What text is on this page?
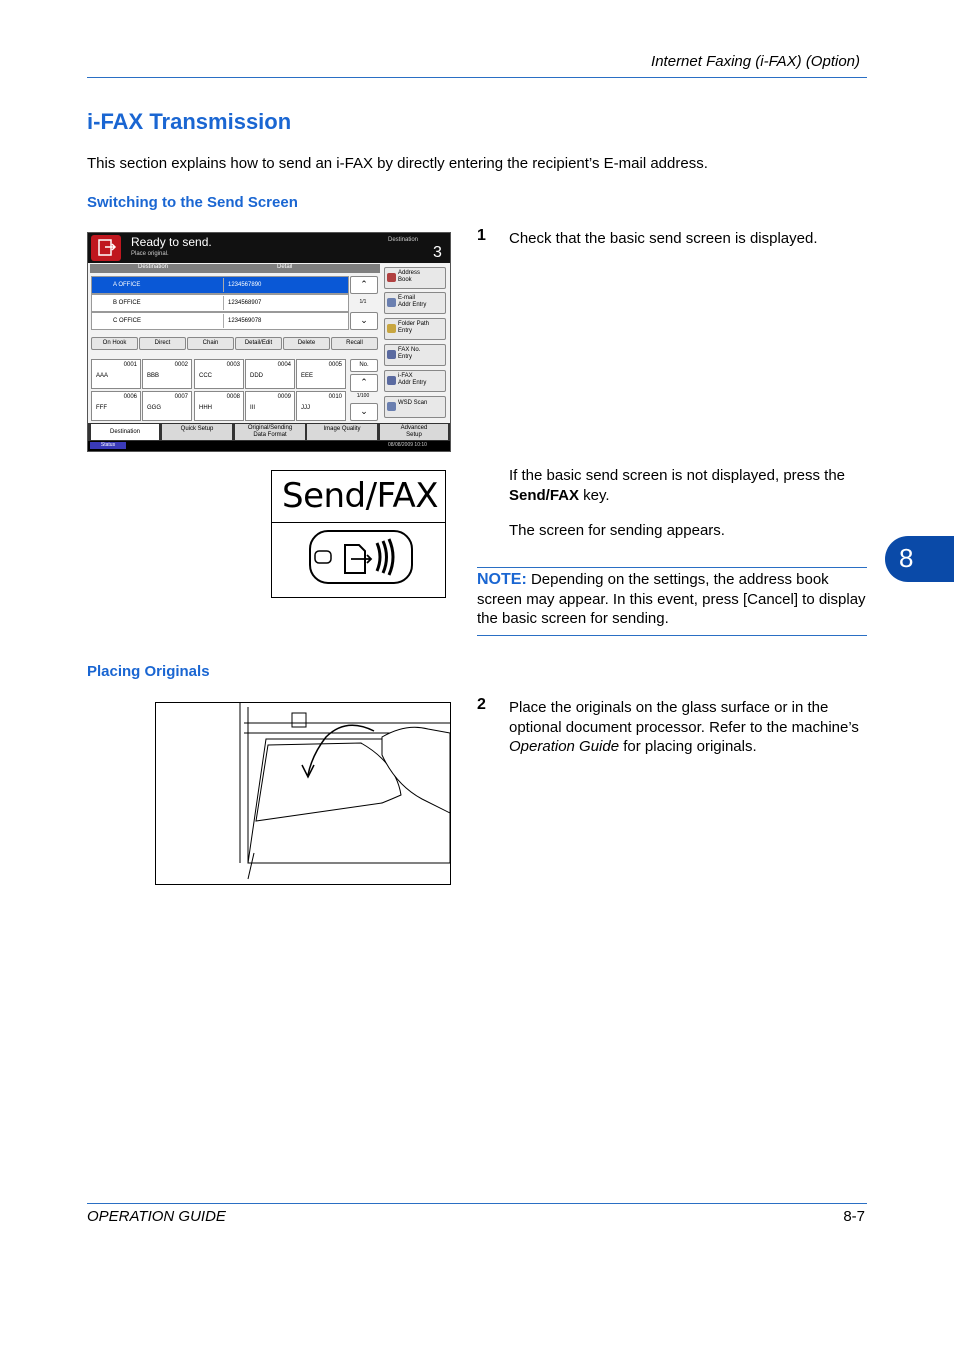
Internet Faxing (i-FAX) (Option)
i-FAX Transmission
This section explains how to send an i-FAX by directly entering the recipient’s E-mail address.
Switching to the Send Screen
Ready to send.
Place original.
Destination
3
Destination	Detail
A OFFICE	1234567890
B OFFICE	1234568907
C OFFICE	1234569078
⌃
1/1
⌄
Address
Book
E-mail
Addr Entry
Folder Path
Entry
FAX No.
Entry
i-FAX
Addr Entry
WSD Scan
On Hook	Direct	Chain	Detail/Edit	Delete	Recall
0001
AAA
0002
BBB
0003
CCC
0004
DDD
0005
EEE
0006
FFF
0007
GGG
0008
HHH
0009
III
0010
JJJ
No.
⌃
1/100
⌄
Destination	Quick Setup	Original/Sending
Data Format
Image Quality	Advanced
Setup
Status	08/08/2009 10:10
1 Check that the basic send screen is displayed.
Send/FAX
If the basic send screen is not displayed, press the Send/FAX key.
The screen for sending appears.
NOTE: Depending on the settings, the address book screen may appear. In this event, press [Cancel] to display the basic screen for sending.
8
Placing Originals
2 Place the originals on the glass surface or in the optional document processor. Refer to the machine’s Operation Guide for placing originals.
OPERATION GUIDE	8-7
